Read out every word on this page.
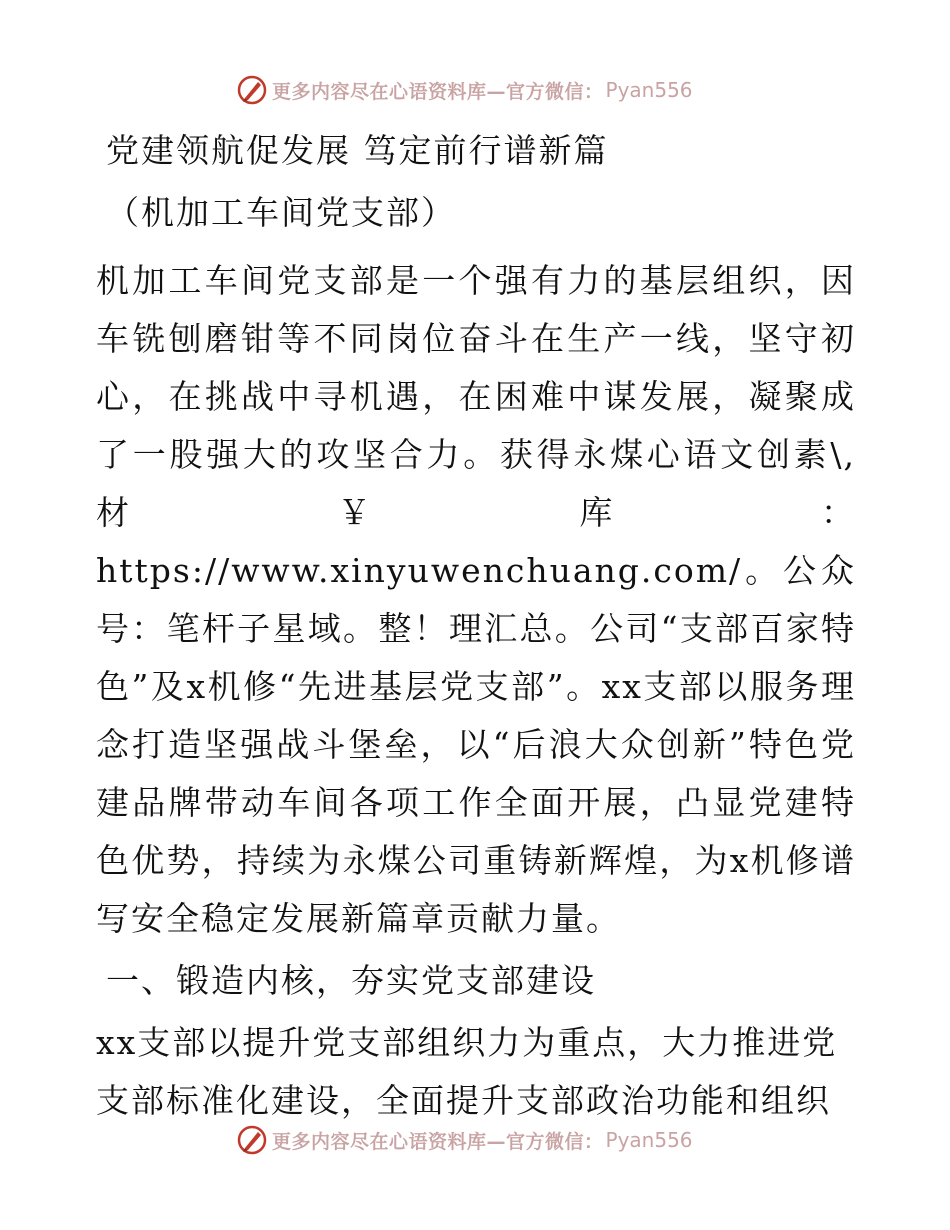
更多内容尽在心语资料库—官方微信： Pyan556

党建领航促发展 笃定前行谱新篇

（机加工车间党支部）

机加工车间党支部是一个强有力的基层组织，因车铣刨磨钳等不同岗位奋斗在生产一线，坚守初心，在挑战中寻机遇，在困难中谋发展，凝聚成了一股强大的攻坚合力。获得永煤心语文创素\,材￥库：https://www.xinyuwenchuang.com/。公众号：笔杆子星域。整！理汇总。公司“支部百家特色”及x机修“先进基层党支部”。xx支部以服务理念打造坚强战斗堡垒，以“后浪大众创新”特色党建品牌带动车间各项工作全面开展，凸显党建特色优势，持续为永煤公司重铸新辉煌，为x机修谱写安全稳定发展新篇章贡献力量。

一、锻造内核，夯实党支部建设

xx支部以提升党支部组织力为重点，大力推进党支部标准化建设，全面提升支部政治功能和组织

更多内容尽在心语资料库—官方微信： Pyan556
